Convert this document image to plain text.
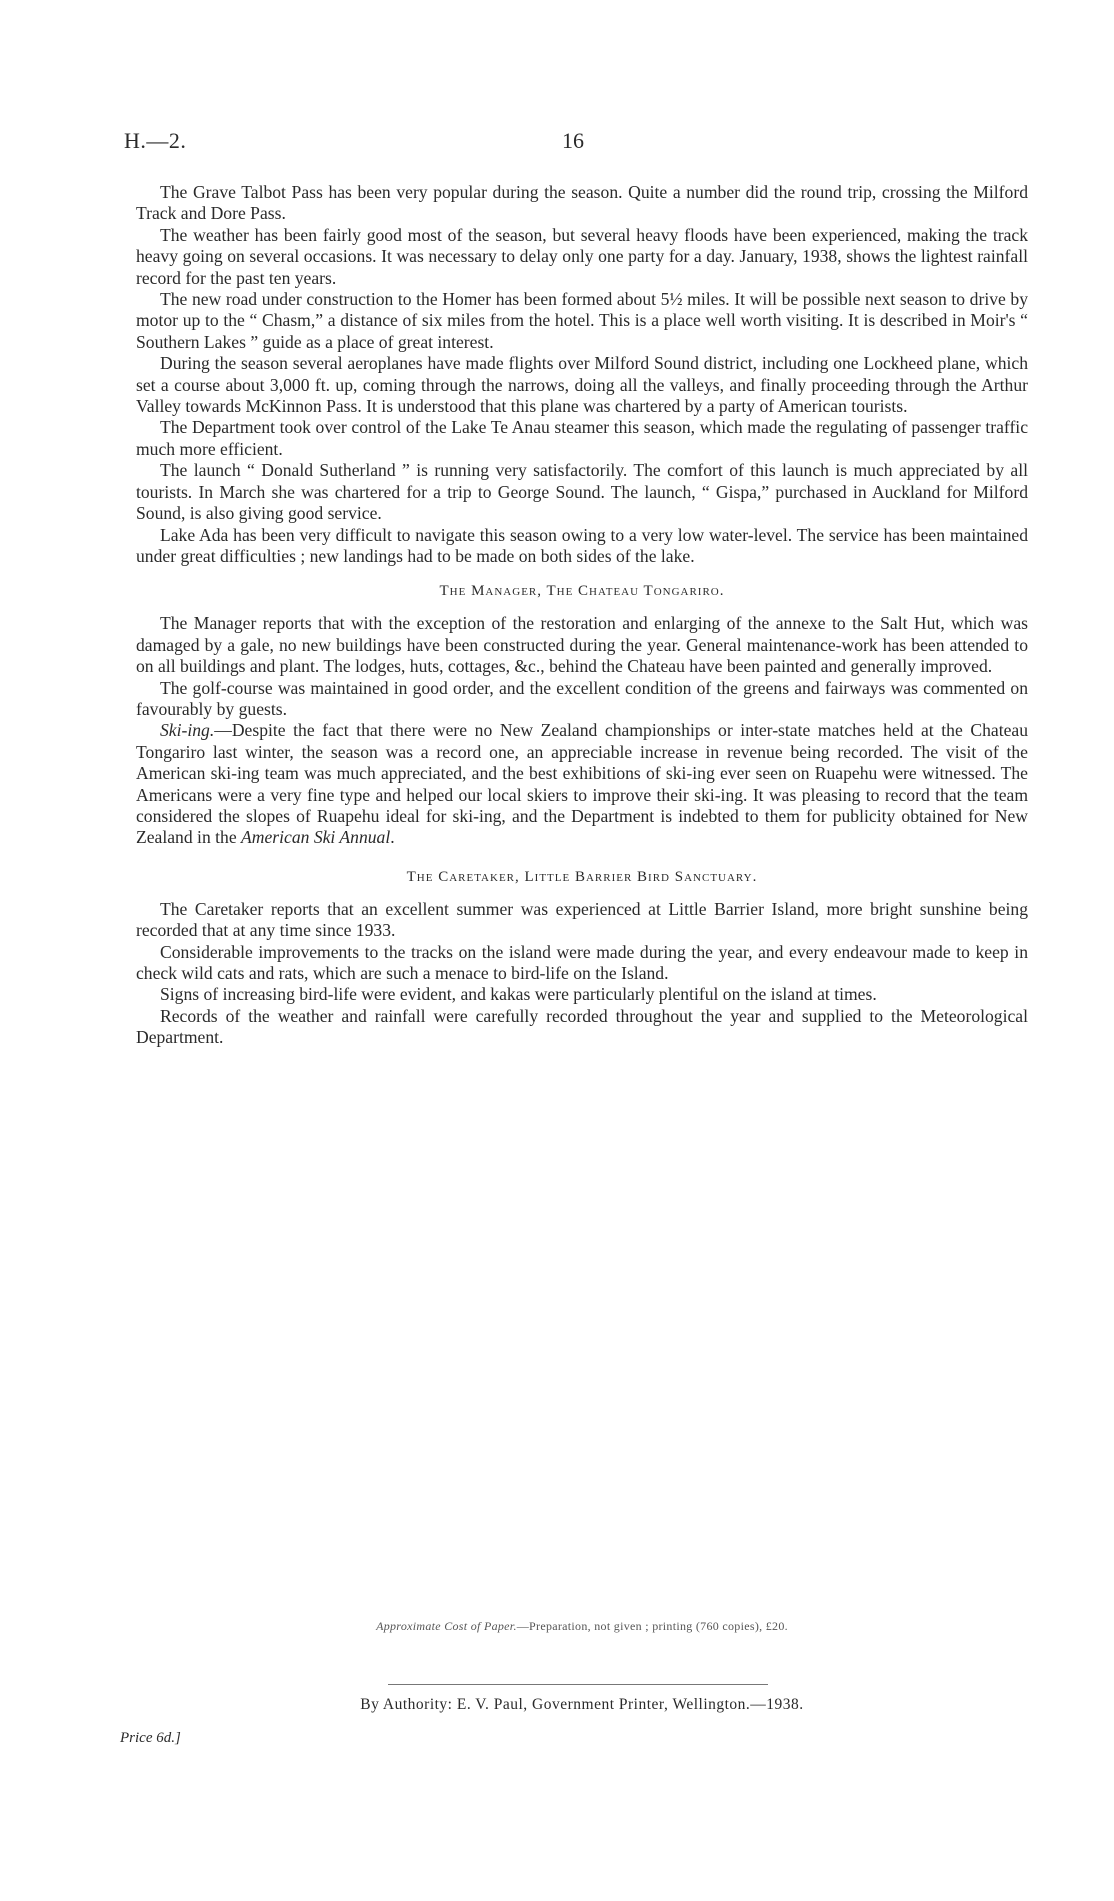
H.—2.	16

The Grave Talbot Pass has been very popular during the season. Quite a number did the round trip, crossing the Milford Track and Dore Pass.

The weather has been fairly good most of the season, but several heavy floods have been experienced, making the track heavy going on several occasions. It was necessary to delay only one party for a day. January, 1938, shows the lightest rainfall record for the past ten years.

The new road under construction to the Homer has been formed about 5½ miles. It will be possible next season to drive by motor up to the “ Chasm,” a distance of six miles from the hotel. This is a place well worth visiting. It is described in Moir's “ Southern Lakes ” guide as a place of great interest.

During the season several aeroplanes have made flights over Milford Sound district, including one Lockheed plane, which set a course about 3,000 ft. up, coming through the narrows, doing all the valleys, and finally proceeding through the Arthur Valley towards McKinnon Pass. It is understood that this plane was chartered by a party of American tourists.

The Department took over control of the Lake Te Anau steamer this season, which made the regulating of passenger traffic much more efficient.

The launch “ Donald Sutherland ” is running very satisfactorily. The comfort of this launch is much appreciated by all tourists. In March she was chartered for a trip to George Sound. The launch, “ Gispa,” purchased in Auckland for Milford Sound, is also giving good service.

Lake Ada has been very difficult to navigate this season owing to a very low water-level. The service has been maintained under great difficulties ; new landings had to be made on both sides of the lake.

The Manager, The Chateau Tongariro.

The Manager reports that with the exception of the restoration and enlarging of the annexe to the Salt Hut, which was damaged by a gale, no new buildings have been constructed during the year. General maintenance-work has been attended to on all buildings and plant. The lodges, huts, cottages, &c., behind the Chateau have been painted and generally improved.

The golf-course was maintained in good order, and the excellent condition of the greens and fairways was commented on favourably by guests.

Ski-ing.—Despite the fact that there were no New Zealand championships or inter-state matches held at the Chateau Tongariro last winter, the season was a record one, an appreciable increase in revenue being recorded. The visit of the American ski-ing team was much appreciated, and the best exhibitions of ski-ing ever seen on Ruapehu were witnessed. The Americans were a very fine type and helped our local skiers to improve their ski-ing. It was pleasing to record that the team considered the slopes of Ruapehu ideal for ski-ing, and the Department is indebted to them for publicity obtained for New Zealand in the American Ski Annual.

The Caretaker, Little Barrier Bird Sanctuary.

The Caretaker reports that an excellent summer was experienced at Little Barrier Island, more bright sunshine being recorded that at any time since 1933.

Considerable improvements to the tracks on the island were made during the year, and every endeavour made to keep in check wild cats and rats, which are such a menace to bird-life on the Island.

Signs of increasing bird-life were evident, and kakas were particularly plentiful on the island at times.

Records of the weather and rainfall were carefully recorded throughout the year and supplied to the Meteorological Department.

Approximate Cost of Paper.—Preparation, not given ; printing (760 copies), £20.
By Authority: E. V. Paul, Government Printer, Wellington.—1938.
Price 6d.]
